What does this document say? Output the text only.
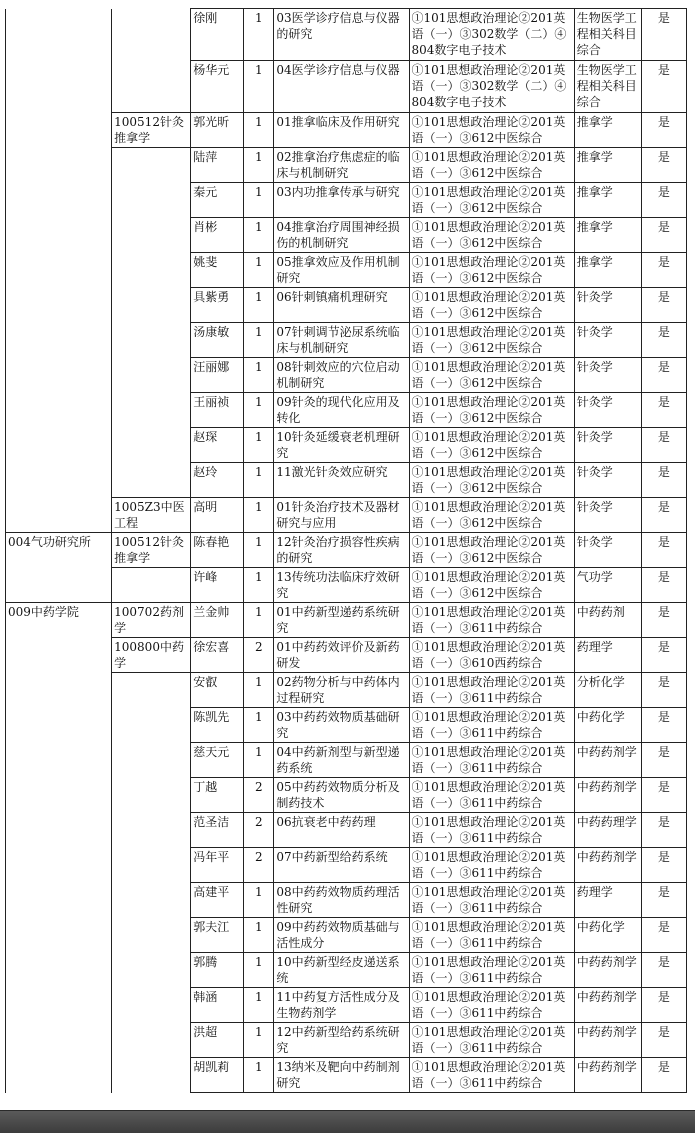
		徐刚	1	03医学诊疗信息与仪器的研究	①101思想政治理论②201英语（一）③302数学（二）④804数字电子技术	生物医学工程相关科目综合	是
		杨华元	1	04医学诊疗信息与仪器	①101思想政治理论②201英语（一）③302数学（二）④804数字电子技术	生物医学工程相关科目综合	是
	100512针灸推拿学	郭光昕	1	01推拿临床及作用研究	①101思想政治理论②201英语（一）③612中医综合	推拿学	是
		陆萍	1	02推拿治疗焦虑症的临床与机制研究	①101思想政治理论②201英语（一）③612中医综合	推拿学	是
		秦元	1	03内功推拿传承与研究	①101思想政治理论②201英语（一）③612中医综合	推拿学	是
		肖彬	1	04推拿治疗周围神经损伤的机制研究	①101思想政治理论②201英语（一）③612中医综合	推拿学	是
		姚斐	1	05推拿效应及作用机制研究	①101思想政治理论②201英语（一）③612中医综合	推拿学	是
		具紫勇	1	06针刺镇痛机理研究	①101思想政治理论②201英语（一）③612中医综合	针灸学	是
		汤康敏	1	07针刺调节泌尿系统临床与机制研究	①101思想政治理论②201英语（一）③612中医综合	针灸学	是
		汪丽娜	1	08针刺效应的穴位启动机制研究	①101思想政治理论②201英语（一）③612中医综合	针灸学	是
		王丽祯	1	09针灸的现代化应用及转化	①101思想政治理论②201英语（一）③612中医综合	针灸学	是
		赵琛	1	10针灸延缓衰老机理研究	①101思想政治理论②201英语（一）③612中医综合	针灸学	是
		赵玲	1	11激光针灸效应研究	①101思想政治理论②201英语（一）③612中医综合	针灸学	是
	1005Z3中医工程	高明	1	01针灸治疗技术及器材研究与应用	①101思想政治理论②201英语（一）③612中医综合	针灸学	是
004气功研究所	100512针灸推拿学	陈春艳	1	12针灸治疗损容性疾病的研究	①101思想政治理论②201英语（一）③612中医综合	针灸学	是
		许峰	1	13传统功法临床疗效研究	①101思想政治理论②201英语（一）③612中医综合	气功学	是
009中药学院	100702药剂学	兰金帅	1	01中药新型递药系统研究	①101思想政治理论②201英语（一）③611中药综合	中药药剂	是
	100800中药学	徐宏喜	2	01中药药效评价及新药研发	①101思想政治理论②201英语（一）③610西药综合	药理学	是
		安叡	1	02药物分析与中药体内过程研究	①101思想政治理论②201英语（一）③611中药综合	分析化学	是
		陈凯先	1	03中药药效物质基础研究	①101思想政治理论②201英语（一）③611中药综合	中药化学	是
		慈天元	1	04中药新剂型与新型递药系统	①101思想政治理论②201英语（一）③611中药综合	中药药剂学	是
		丁越	2	05中药药效物质分析及制药技术	①101思想政治理论②201英语（一）③611中药综合	中药药剂学	是
		范圣洁	2	06抗衰老中药药理	①101思想政治理论②201英语（一）③611中药综合	中药药理学	是
		冯年平	2	07中药新型给药系统	①101思想政治理论②201英语（一）③611中药综合	中药药剂学	是
		高建平	1	08中药药效物质药理活性研究	①101思想政治理论②201英语（一）③611中药综合	药理学	是
		郭夫江	1	09中药药效物质基础与活性成分	①101思想政治理论②201英语（一）③611中药综合	中药化学	是
		郭腾	1	10中药新型经皮递送系统	①101思想政治理论②201英语（一）③611中药综合	中药药剂学	是
		韩涵	1	11中药复方活性成分及生物药剂学	①101思想政治理论②201英语（一）③611中药综合	中药药剂学	是
		洪超	1	12中药新型给药系统研究	①101思想政治理论②201英语（一）③611中药综合	中药药剂学	是
		胡凯莉	1	13纳米及靶向中药制剂研究	①101思想政治理论②201英语（一）③611中药综合	中药药剂学	是
